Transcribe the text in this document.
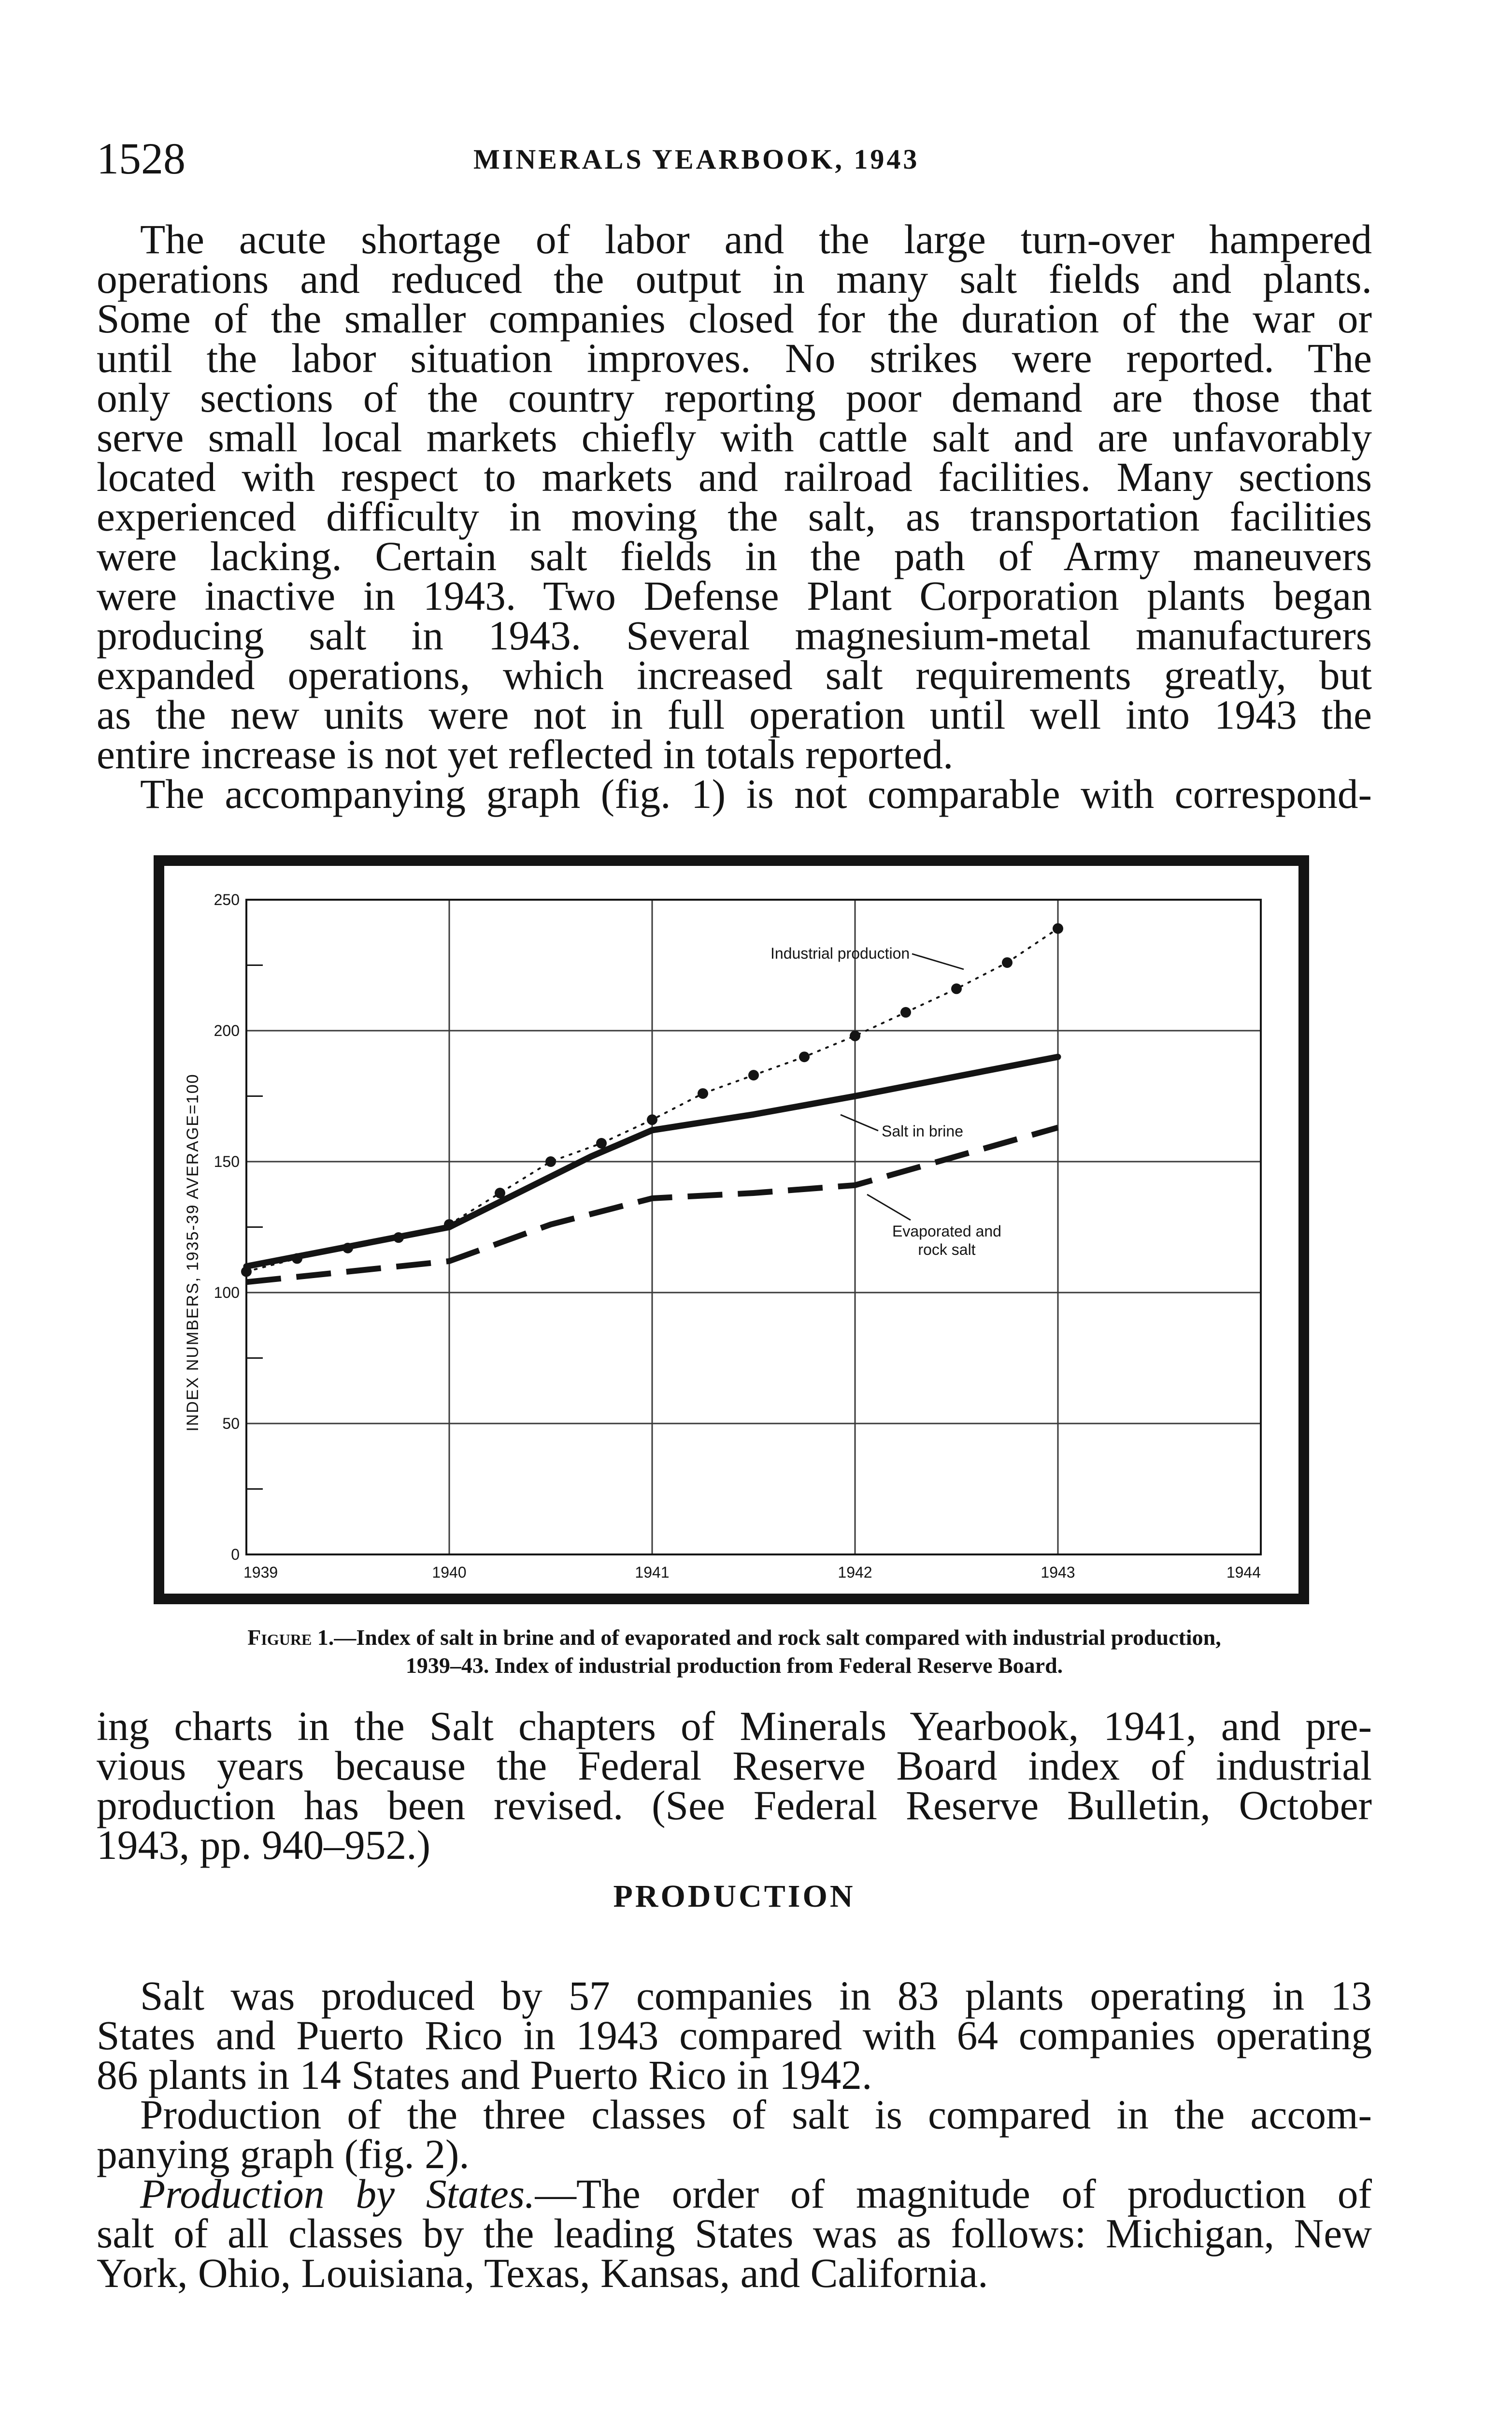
1528	MINERALS YEARBOOK, 1943
The acute shortage of labor and the large turn-over hampered
operations and reduced the output in many salt fields and plants.
Some of the smaller companies closed for the duration of the war or
until the labor situation improves. No strikes were reported. The
only sections of the country reporting poor demand are those that
serve small local markets chiefly with cattle salt and are unfavorably
located with respect to markets and railroad facilities. Many sections
experienced difficulty in moving the salt, as transportation facilities
were lacking. Certain salt fields in the path of Army maneuvers
were inactive in 1943. Two Defense Plant Corporation plants began
producing salt in 1943. Several magnesium-metal manufacturers
expanded operations, which increased salt requirements greatly, but
as the new units were not in full operation until well into 1943 the
entire increase is not yet reflected in totals reported.
The accompanying graph (fig. 1) is not comparable with correspond-
1939	1940	1941	1942	1943	1944
0
50
100
150
200
250
INDEX NUMBERS, 1935-39 AVERAGE=100
Industrial production
Salt in brine
Evaporated and
rock salt
Figure 1.—Index of salt in brine and of evaporated and rock salt compared with industrial production,
1939–43. Index of industrial production from Federal Reserve Board.
ing charts in the Salt chapters of Minerals Yearbook, 1941, and pre-
vious years because the Federal Reserve Board index of industrial
production has been revised. (See Federal Reserve Bulletin, October
1943, pp. 940–952.)
PRODUCTION
Salt was produced by 57 companies in 83 plants operating in 13
States and Puerto Rico in 1943 compared with 64 companies operating
86 plants in 14 States and Puerto Rico in 1942.
Production of the three classes of salt is compared in the accom-
panying graph (fig. 2).
Production by States.—The order of magnitude of production of
salt of all classes by the leading States was as follows: Michigan, New
York, Ohio, Louisiana, Texas, Kansas, and California.
